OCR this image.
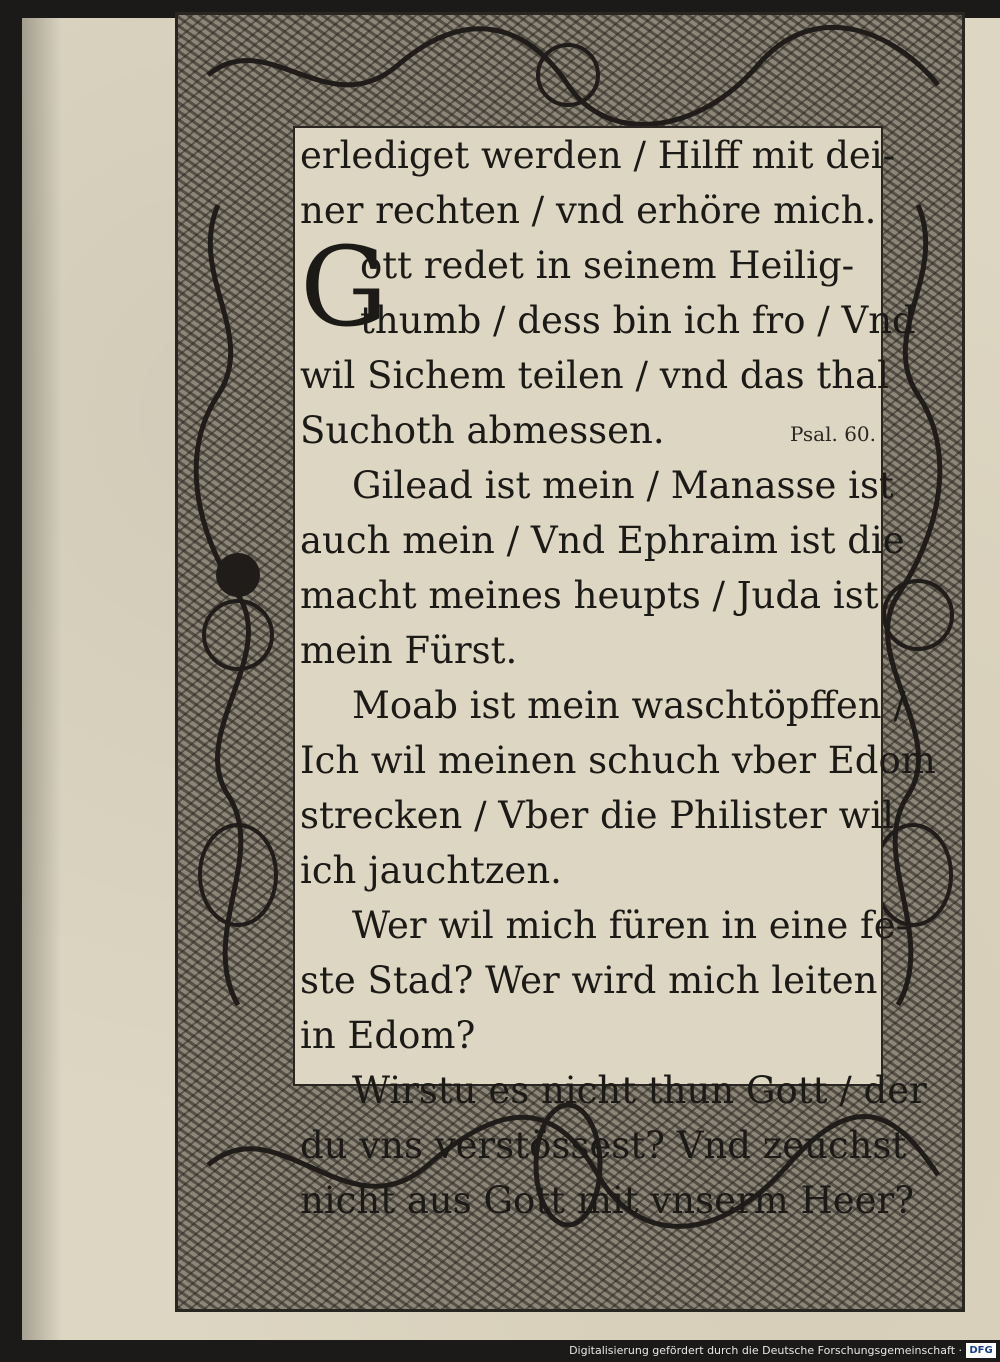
G
erlediget werden / Hilff mit dei-
ner rechten / vnd erhöre mich.
ott redet in seinem Heilig-
thumb / dess bin ich fro / Vnd
wil Sichem teilen / vnd das thal
Suchoth abmessen.	Psal. 60.
Gilead ist mein / Manasse ist
auch mein / Vnd Ephraim ist die
macht meines heupts / Juda ist
mein Fürst.
Moab ist mein waschtöpffen /
Ich wil meinen schuch vber Edom
strecken / Vber die Philister wil
ich jauchtzen.
Wer wil mich füren in eine fe-
ste Stad? Wer wird mich leiten
in Edom?
Wirstu es nicht thun Gott / der
du vns verstössest? Vnd zeuchst
nicht aus Gott mit vnserm Heer?
Digitalisierung gefördert durch die Deutsche Forschungsgemeinschaft · DFG
